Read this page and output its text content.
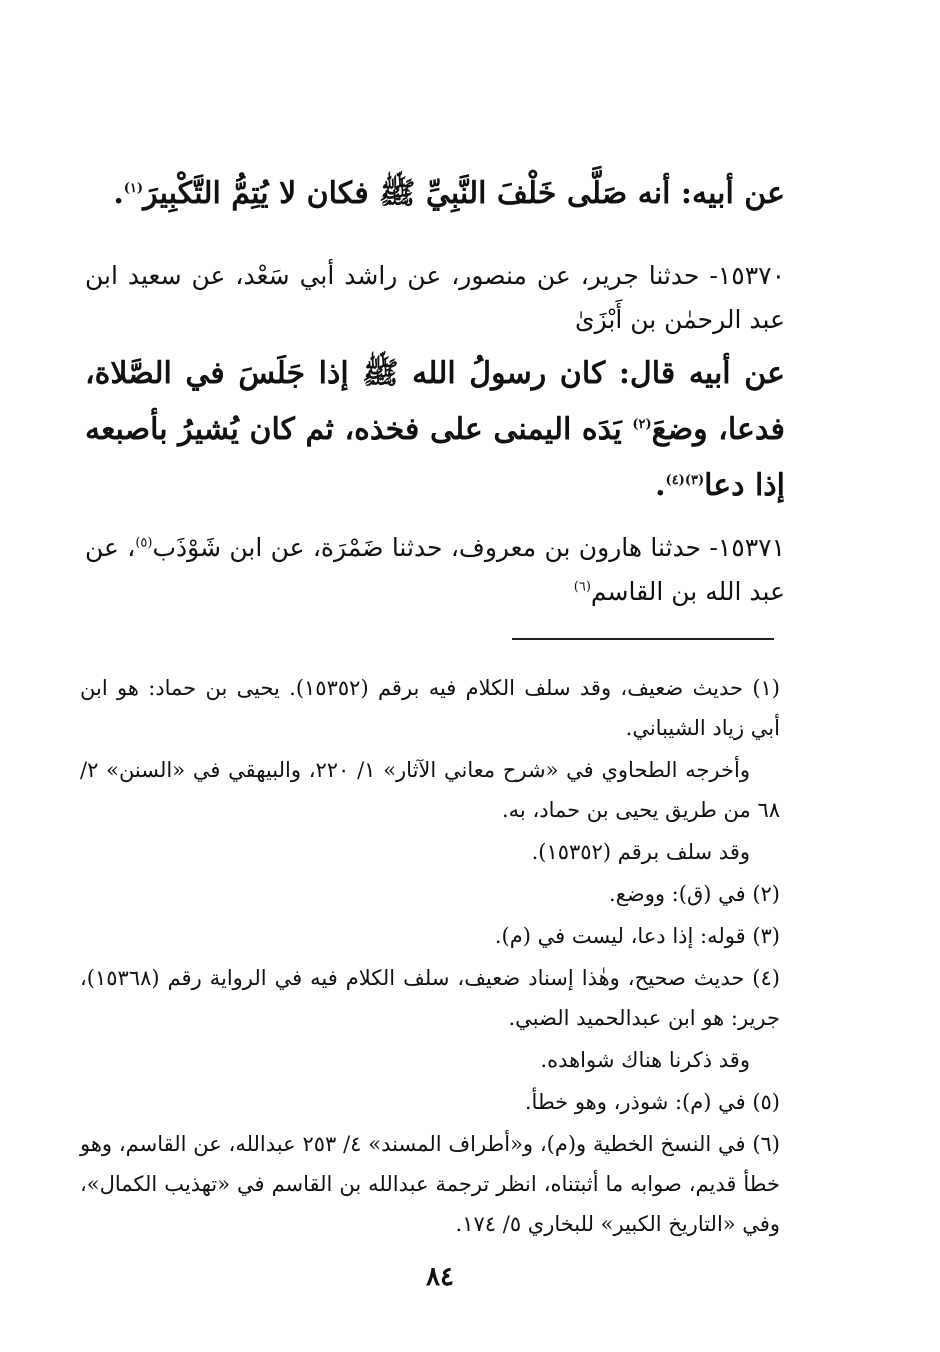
عن أبيه: أنه صَلَّى خَلْفَ النَّبِيِّ ﷺ فكان لا يُتِمُّ التَّكْبِيرَ$^{(١)}$.

١٥٣٧٠- حدثنا جرير، عن منصور، عن راشد أبي سَعْد، عن سعيد ابن عبد الرحمٰن بن أَبْزَىٰ

عن أبيه قال: كان رسولُ الله ﷺ إذا جَلَسَ في الصَّلاة، فدعا، وضعَ$^{(٢)}$ يَدَه اليمنى على فخذه، ثم كان يُشيرُ بأصبعه إذا دعا$^{(٣)(٤)}$.

١٥٣٧١- حدثنا هارون بن معروف، حدثنا ضَمْرَة، عن ابن شَوْذَب$^{(٥)}$، عن عبد الله بن القاسم$^{(٦)}$

(١) حديث ضعيف، وقد سلف الكلام فيه برقم (١٥٣٥٢). يحيى بن حماد: هو ابن أبي زياد الشيباني.

وأخرجه الطحاوي في «شرح معاني الآثار» ١/ ٢٢٠، والبيهقي في «السنن» ٢/ ٦٨ من طريق يحيى بن حماد، به.

وقد سلف برقم (١٥٣٥٢).

(٢) في (ق): ووضع.

(٣) قوله: إذا دعا، ليست في (م).

(٤) حديث صحيح، وهٰذا إسناد ضعيف، سلف الكلام فيه في الرواية رقم (١٥٣٦٨)، جرير: هو ابن عبدالحميد الضبي.

وقد ذكرنا هناك شواهده.

(٥) في (م): شوذر، وهو خطأ.

(٦) في النسخ الخطية و(م)، و«أطراف المسند» ٤/ ٢٥٣ عبدالله، عن القاسم، وهو خطأ قديم، صوابه ما أثبتناه، انظر ترجمة عبدالله بن القاسم في «تهذيب الكمال»، وفي «التاريخ الكبير» للبخاري ٥/ ١٧٤.

٨٤
